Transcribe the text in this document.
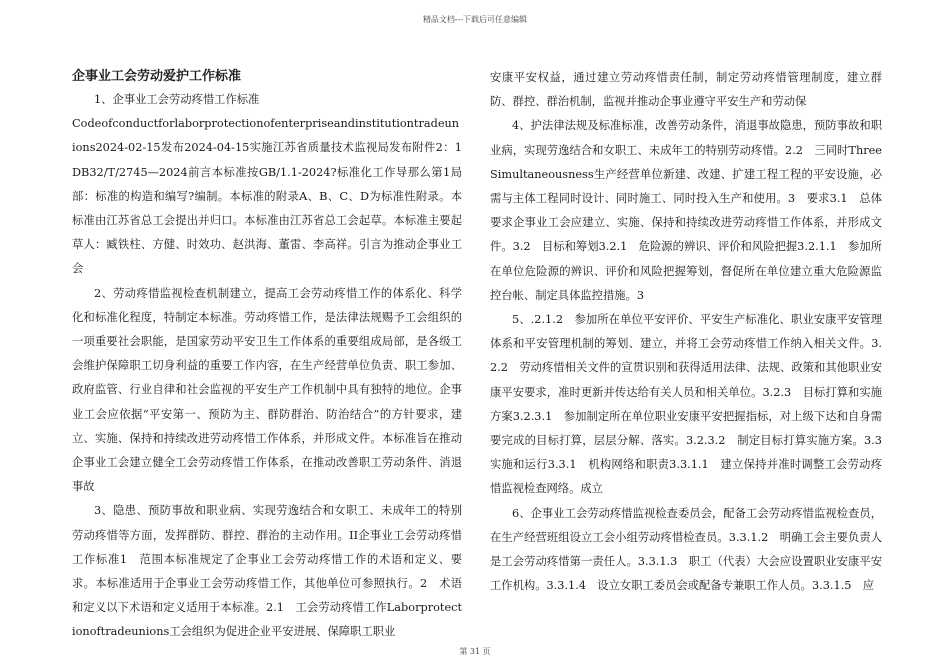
精品文档---下载后可任意编辑

企事业工会劳动爱护工作标准

1、企事业工会劳动疼惜工作标准

Codeofconductforlaborprotectionofenterpriseandinstitutiontradeunions2024-02-15发布2024-04-15实施江苏省质量技术监视局发布附件2：1DB32/T/2745—2024前言本标准按GB/1.1-2024?标准化工作导那么第1局部：标准的构造和编写?编制。本标准的附录A、B、C、D为标准性附录。本标准由江苏省总工会提出并归口。本标准由江苏省总工会起草。本标准主要起草人：臧铁柱、方健、时效功、赵洪海、董雷、李高祥。引言为推动企事业工会

2、劳动疼惜监视检查机制建立，提高工会劳动疼惜工作的体系化、科学化和标准化程度，特制定本标准。劳动疼惜工作，是法律法规赐予工会组织的一项重要社会职能，是国家劳动平安卫生工作体系的重要组成局部，是各级工会维护保障职工切身利益的重要工作内容，在生产经营单位负责、职工参加、政府监管、行业自律和社会监视的平安生产工作机制中具有独特的地位。企事业工会应依据“平安第一、预防为主、群防群治、防治结合”的方针要求，建立、实施、保持和持续改进劳动疼惜工作体系，并形成文件。本标准旨在推动企事业工会建立健全工会劳动疼惜工作体系，在推动改善职工劳动条件、消退事故

3、隐患、预防事故和职业病、实现劳逸结合和女职工、未成年工的特别劳动疼惜等方面，发挥群防、群控、群治的主动作用。II企事业工会劳动疼惜工作标准1　范围本标准规定了企事业工会劳动疼惜工作的术语和定义、要求。本标准适用于企事业工会劳动疼惜工作，其他单位可参照执行。2　术语和定义以下术语和定义适用于本标准。2.1　工会劳动疼惜工作Laborprotectionoftradeunions工会组织为促进企业平安进展、保障职工职业

安康平安权益，通过建立劳动疼惜责任制，制定劳动疼惜管理制度，建立群防、群控、群治机制，监视并推动企事业遵守平安生产和劳动保

4、护法律法规及标准标准，改善劳动条件，消退事故隐患，预防事故和职业病，实现劳逸结合和女职工、未成年工的特别劳动疼惜。2.2　三同时ThreeSimultaneousness生产经营单位新建、改建、扩建工程工程的平安设施，必需与主体工程同时设计、同时施工、同时投入生产和使用。3　要求3.1　总体要求企事业工会应建立、实施、保持和持续改进劳动疼惜工作体系，并形成文件。3.2　目标和筹划3.2.1　危险源的辨识、评价和风险把握3.2.1.1　参加所在单位危险源的辨识、评价和风险把握筹划，督促所在单位建立重大危险源监控台帐、制定具体监控措施。3

5、.2.1.2　参加所在单位平安评价、平安生产标准化、职业安康平安管理体系和平安管理机制的筹划、建立，并将工会劳动疼惜工作纳入相关文件。3.2.2　劳动疼惜相关文件的宣贯识别和获得适用法律、法规、政策和其他职业安康平安要求，准时更新并传达给有关人员和相关单位。3.2.3　目标打算和实施方案3.2.3.1　参加制定所在单位职业安康平安把握指标，对上级下达和自身需要完成的目标打算，层层分解、落实。3.2.3.2　制定目标打算实施方案。3.3　实施和运行3.3.1　机构网络和职责3.3.1.1　建立保持并准时调整工会劳动疼惜监视检查网络。成立

6、企事业工会劳动疼惜监视检查委员会，配备工会劳动疼惜监视检查员，在生产经营班组设立工会小组劳动疼惜检查员。3.3.1.2　明确工会主要负责人是工会劳动疼惜第一责任人。3.3.1.3　职工（代表）大会应设置职业安康平安工作机构。3.3.1.4　设立女职工委员会或配备专兼职工作人员。3.3.1.5　应

第 31 页
